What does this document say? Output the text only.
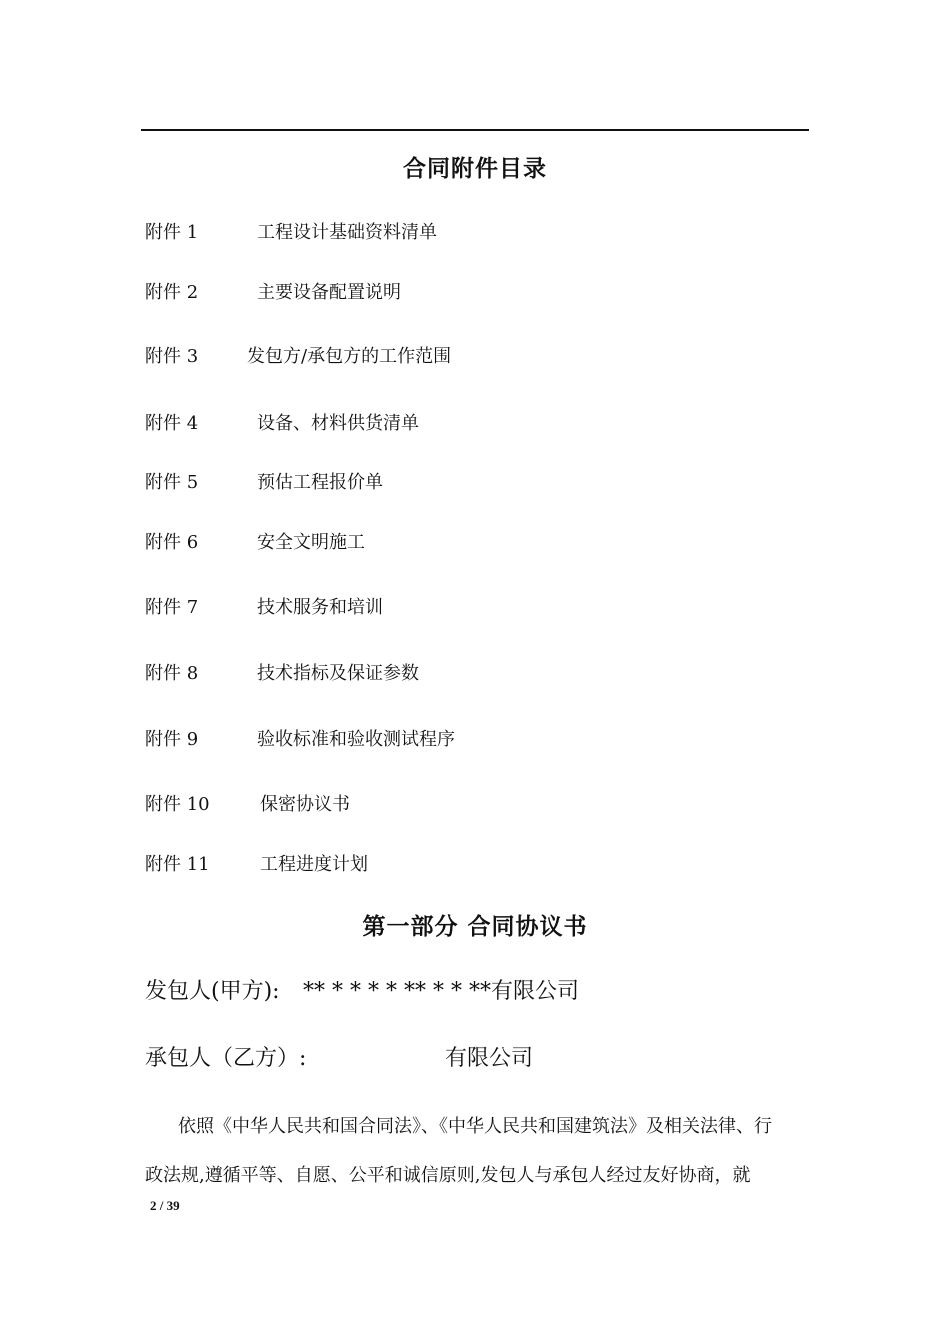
合同附件目录
附件 1	工程设计基础资料清单
附件 2	主要设备配置说明
附件 3	发包方/承包方的工作范围
附件 4	设备、材料供货清单
附件 5	预估工程报价单
附件 6	安全文明施工
附件 7	技术服务和培训
附件 8	技术指标及保证参数
附件 9	验收标准和验收测试程序
附件 10	保密协议书
附件 11	工程进度计划
第一部分 合同协议书
发包人(甲方): ** * * * * ** * * **有限公司
承包人（乙方）:	有限公司
依照《中华人民共和国合同法》、《中华人民共和国建筑法》及相关法律、行
政法规,遵循平等、自愿、公平和诚信原则,发包人与承包人经过友好协商，就
2 / 39
